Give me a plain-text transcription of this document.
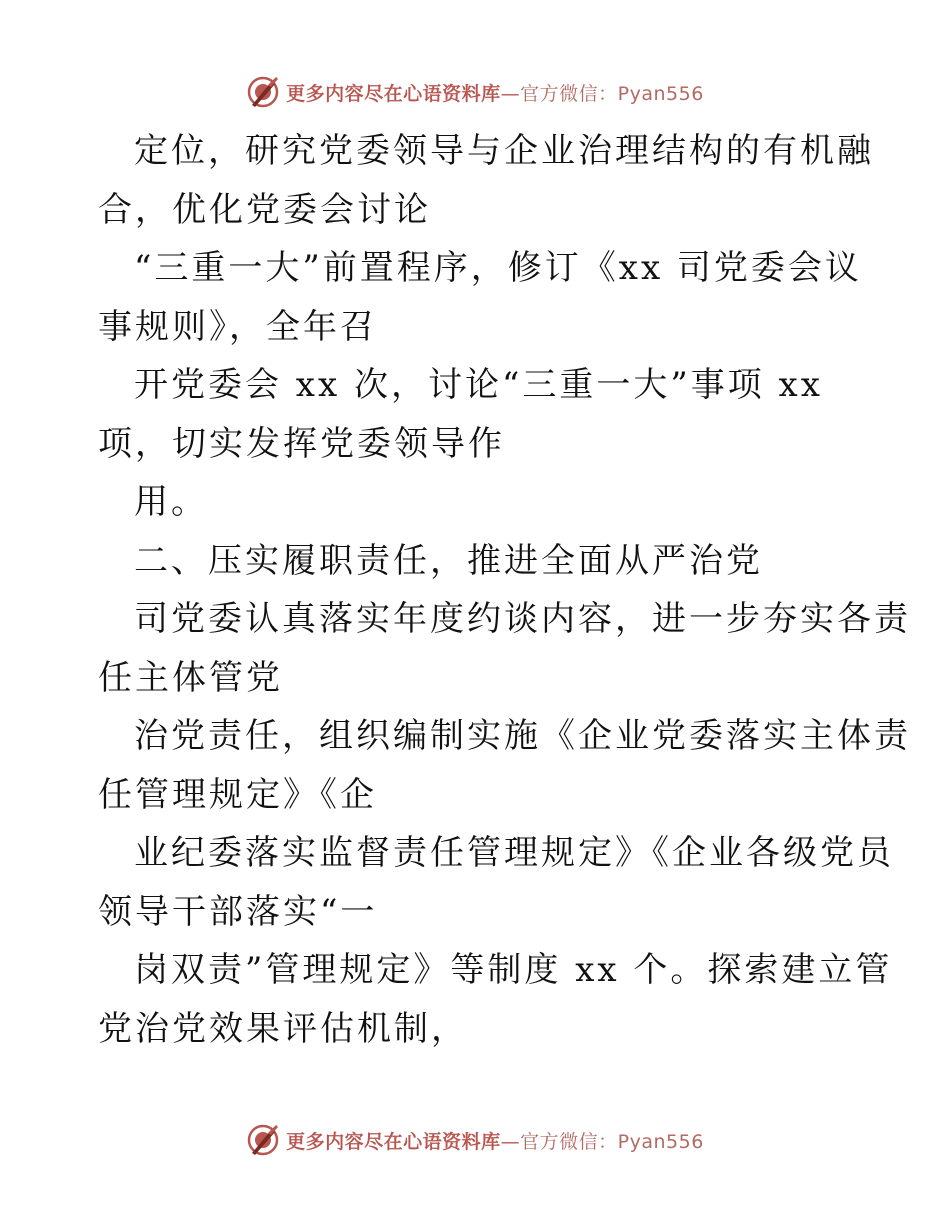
更多内容尽在心语资料库—官方微信：Pyan556
定位，研究党委领导与企业治理结构的有机融
合，优化党委会讨论
“三重一大”前置程序，修订《xx 司党委会议
事规则》，全年召
开党委会 xx 次，讨论“三重一大”事项 xx
项，切实发挥党委领导作
用。
二、压实履职责任，推进全面从严治党
司党委认真落实年度约谈内容，进一步夯实各责
任主体管党
治党责任，组织编制实施《企业党委落实主体责
任管理规定》《企
业纪委落实监督责任管理规定》《企业各级党员
领导干部落实“一
岗双责”管理规定》等制度 xx 个。探索建立管
党治党效果评估机制，
更多内容尽在心语资料库—官方微信：Pyan556
